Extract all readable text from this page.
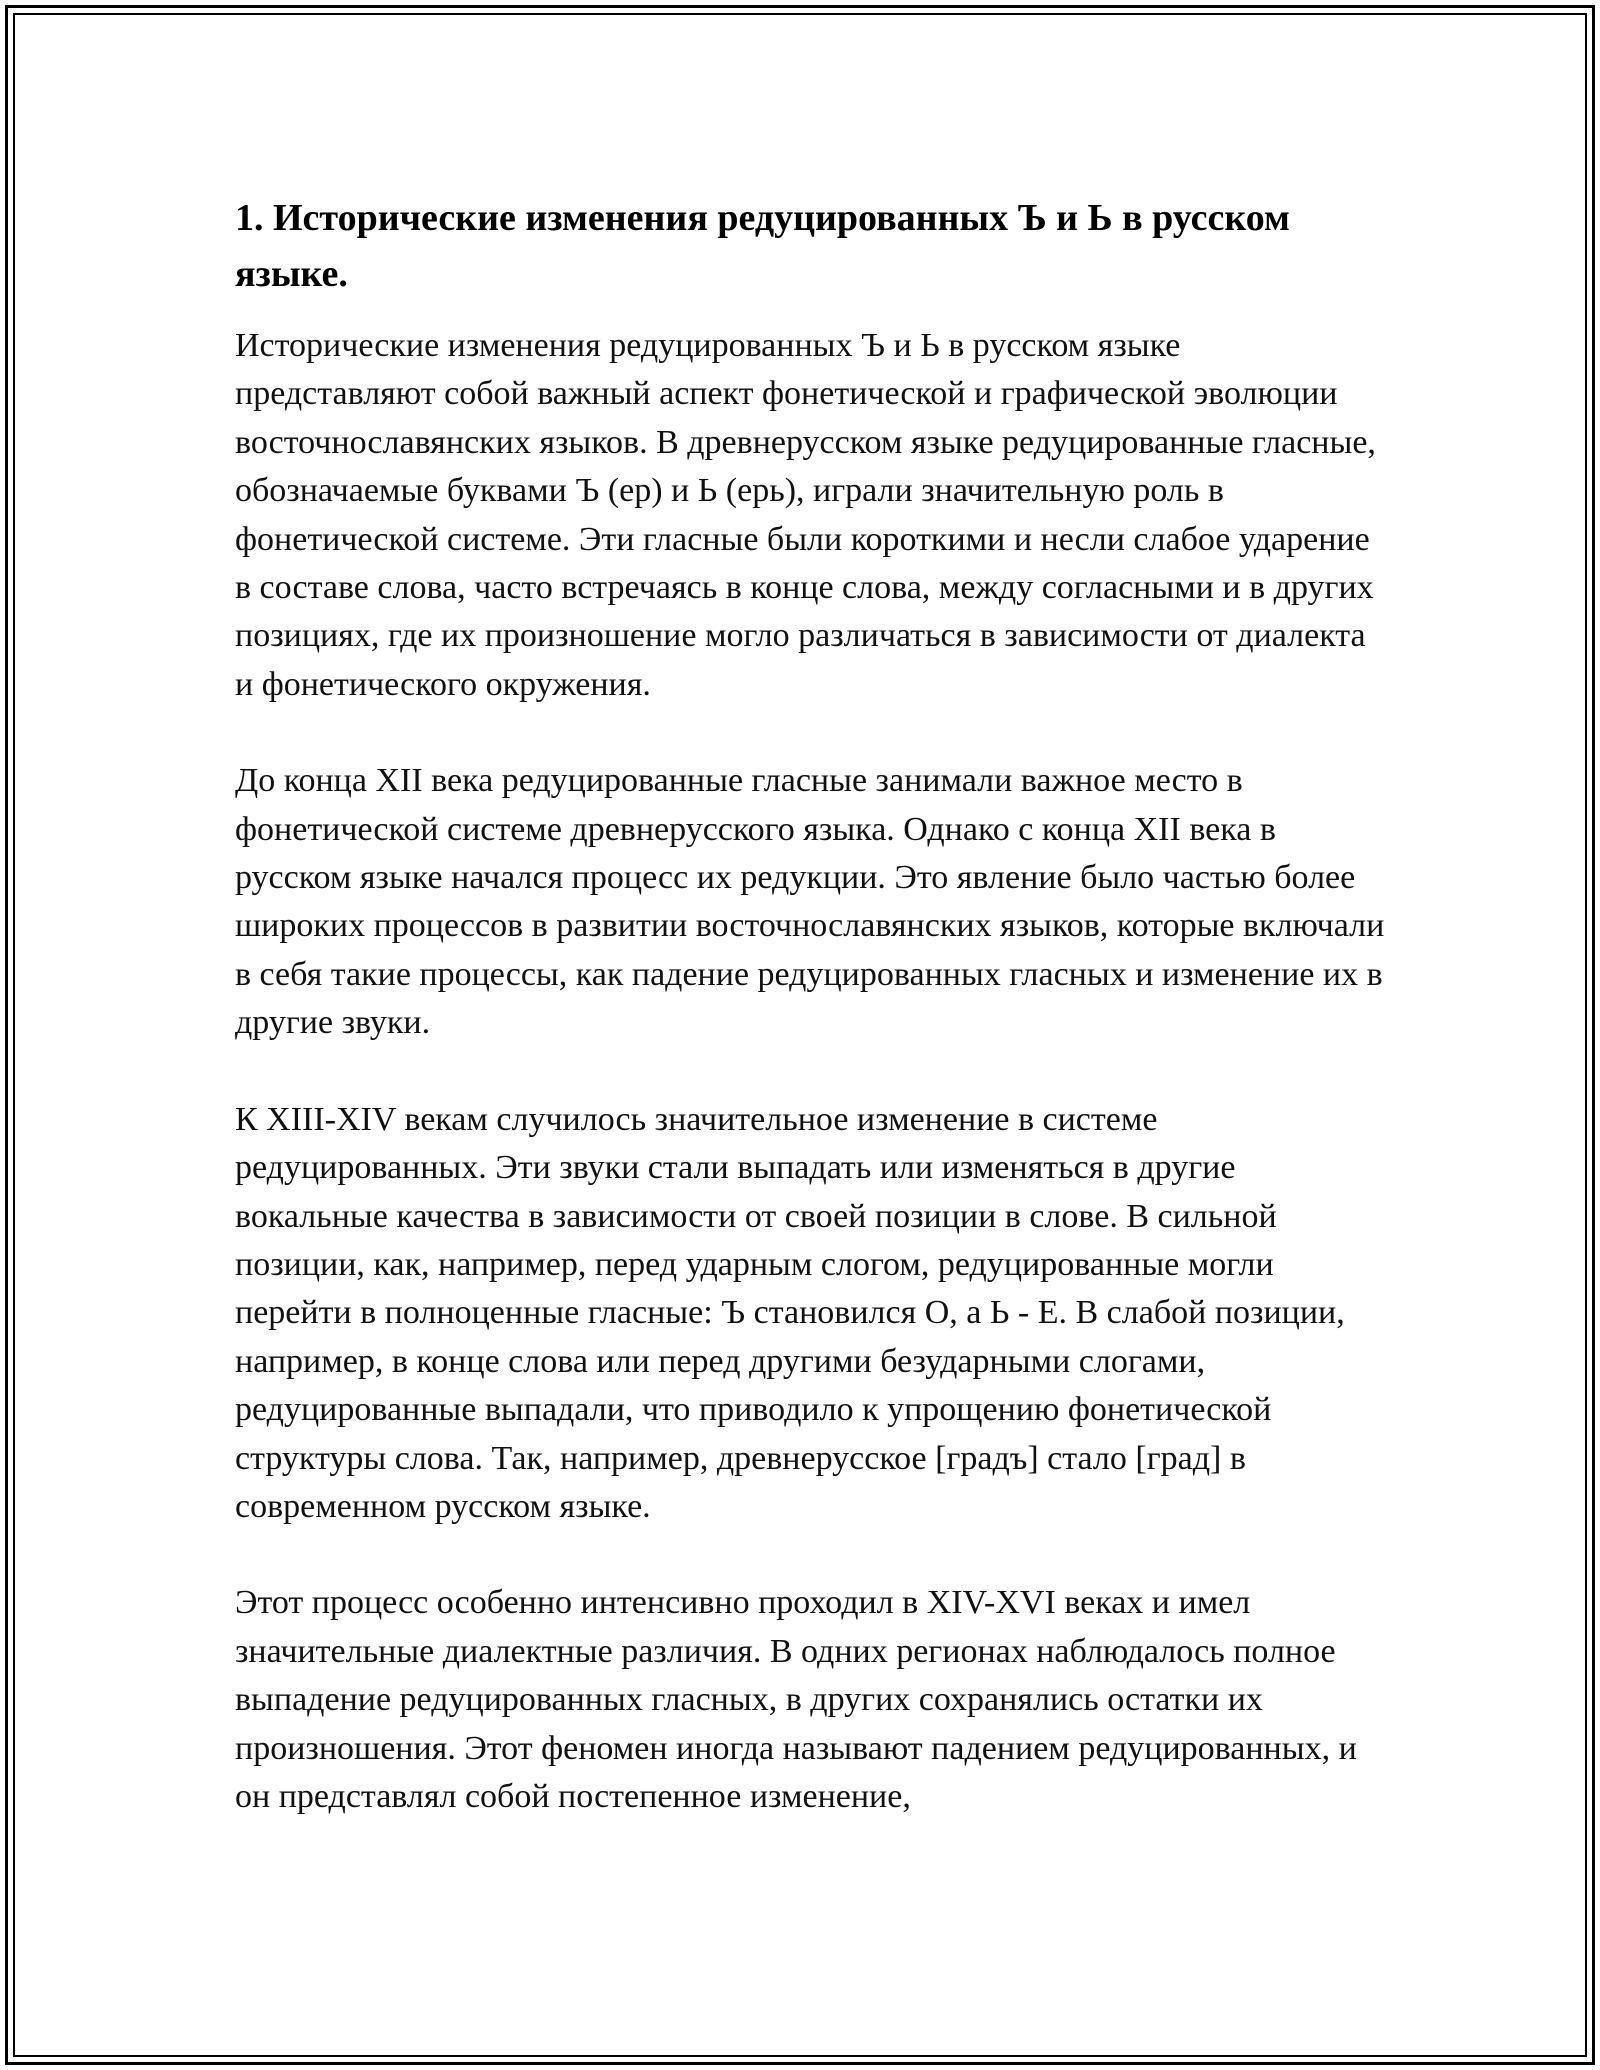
1. Исторические изменения редуцированных Ъ и Ь в русском языке.

Исторические изменения редуцированных Ъ и Ь в русском языке представляют собой важный аспект фонетической и графической эволюции восточнославянских языков. В древнерусском языке редуцированные гласные, обозначаемые буквами Ъ (ер) и Ь (ерь), играли значительную роль в фонетической системе. Эти гласные были короткими и несли слабое ударение в составе слова, часто встречаясь в конце слова, между согласными и в других позициях, где их произношение могло различаться в зависимости от диалекта и фонетического окружения.

До конца XII века редуцированные гласные занимали важное место в фонетической системе древнерусского языка. Однако с конца XII века в русском языке начался процесс их редукции. Это явление было частью более широких процессов в развитии восточнославянских языков, которые включали в себя такие процессы, как падение редуцированных гласных и изменение их в другие звуки.

К XIII-XIV векам случилось значительное изменение в системе редуцированных. Эти звуки стали выпадать или изменяться в другие вокальные качества в зависимости от своей позиции в слове. В сильной позиции, как, например, перед ударным слогом, редуцированные могли перейти в полноценные гласные: Ъ становился О, а Ь - Е. В слабой позиции, например, в конце слова или перед другими безударными слогами, редуцированные выпадали, что приводило к упрощению фонетической структуры слова. Так, например, древнерусское [градъ] стало [град] в современном русском языке.

Этот процесс особенно интенсивно проходил в XIV-XVI веках и имел значительные диалектные различия. В одних регионах наблюдалось полное выпадение редуцированных гласных, в других сохранялись остатки их произношения. Этот феномен иногда называют падением редуцированных, и он представлял собой постепенное изменение,
